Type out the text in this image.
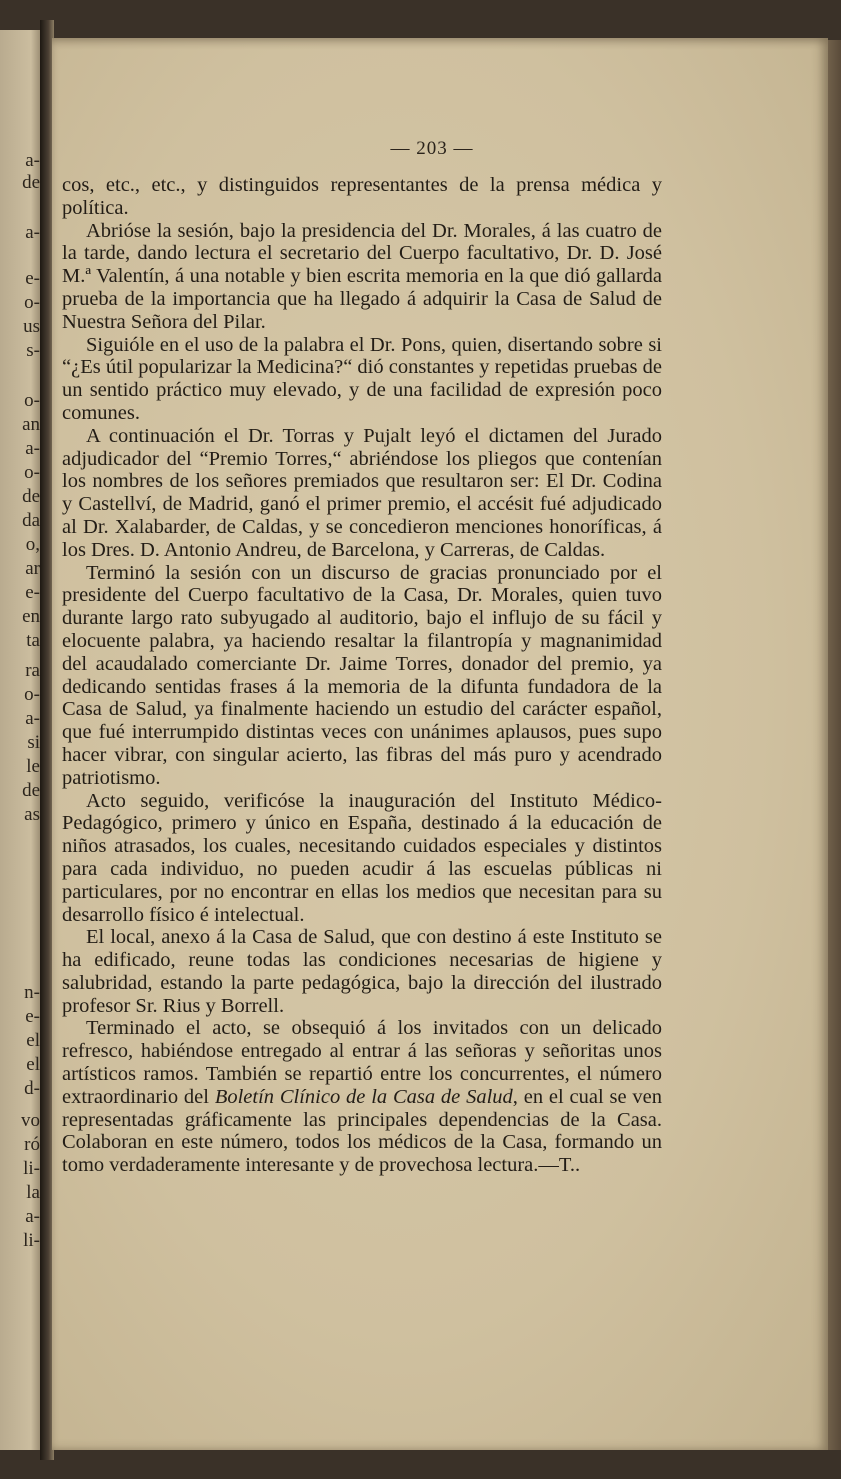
a-
de
a-
e-
o-
us
s-
o-
an
a-
o-
de
da
o,
ar
e-
en
ta
ra
o-
a-
si
le
de
as
n-
e-
el
el
d-
vo
ró
li-
la
a-
li-
— 203 —

cos, etc., etc., y distinguidos representantes de la prensa médica y política.

Abrióse la sesión, bajo la presidencia del Dr. Morales, á las cuatro de la tarde, dando lectura el secretario del Cuerpo facultativo, Dr. D. José M.ª Valentín, á una notable y bien escrita memoria en la que dió gallarda prueba de la importancia que ha llegado á adquirir la Casa de Salud de Nuestra Señora del Pilar.

Siguióle en el uso de la palabra el Dr. Pons, quien, disertando sobre si “¿Es útil popularizar la Medicina?“ dió constantes y repetidas pruebas de un sentido práctico muy elevado, y de una facilidad de expresión poco comunes.

A continuación el Dr. Torras y Pujalt leyó el dictamen del Jurado adjudicador del “Premio Torres,“ abriéndose los pliegos que contenían los nombres de los señores premiados que resultaron ser: El Dr. Codina y Castellví, de Madrid, ganó el primer premio, el accésit fué adjudicado al Dr. Xalabarder, de Caldas, y se concedieron menciones honoríficas, á los Dres. D. Antonio Andreu, de Barcelona, y Carreras, de Caldas.

Terminó la sesión con un discurso de gracias pronunciado por el presidente del Cuerpo facultativo de la Casa, Dr. Morales, quien tuvo durante largo rato subyugado al auditorio, bajo el influjo de su fácil y elocuente palabra, ya haciendo resaltar la filantropía y magnanimidad del acaudalado comerciante Dr. Jaime Torres, donador del premio, ya dedicando sentidas frases á la memoria de la difunta fundadora de la Casa de Salud, ya finalmente haciendo un estudio del carácter español, que fué interrumpido distintas veces con unánimes aplausos, pues supo hacer vibrar, con singular acierto, las fibras del más puro y acendrado patriotismo.

Acto seguido, verificóse la inauguración del Instituto Médico-Pedagógico, primero y único en España, destinado á la educación de niños atrasados, los cuales, necesitando cuidados especiales y distintos para cada individuo, no pueden acudir á las escuelas públicas ni particulares, por no encontrar en ellas los medios que necesitan para su desarrollo físico é intelectual.

El local, anexo á la Casa de Salud, que con destino á este Instituto se ha edificado, reune todas las condiciones necesarias de higiene y salubridad, estando la parte pedagógica, bajo la dirección del ilustrado profesor Sr. Rius y Borrell.

Terminado el acto, se obsequió á los invitados con un delicado refresco, habiéndose entregado al entrar á las señoras y señoritas unos artísticos ramos. También se repartió entre los concurrentes, el número extraordinario del Boletín Clínico de la Casa de Salud, en el cual se ven representadas gráficamente las principales dependencias de la Casa. Colaboran en este número, todos los médicos de la Casa, formando un tomo verdaderamente interesante y de provechosa lectura.—T..
